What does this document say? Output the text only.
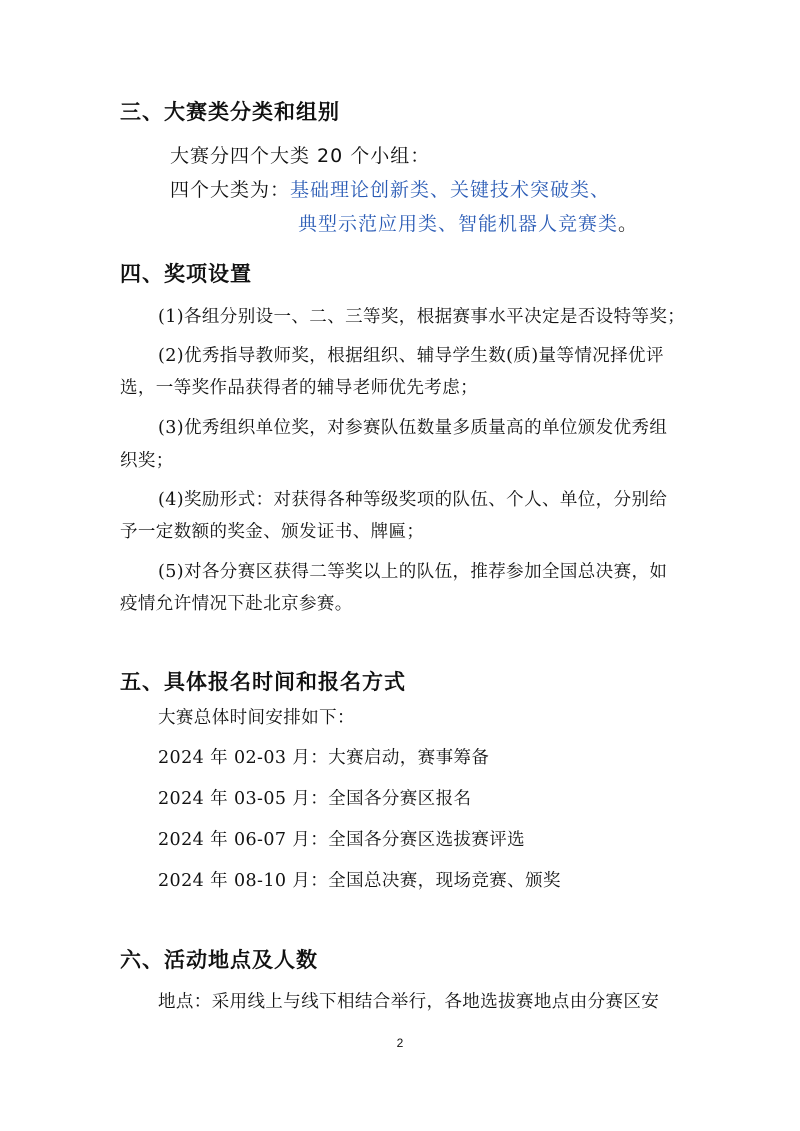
三、大赛类分类和组别
大赛分四个大类 20 个小组：
四个大类为：基础理论创新类、关键技术突破类、
典型示范应用类、智能机器人竞赛类。
四、奖项设置
(1)各组分别设一、二、三等奖，根据赛事水平决定是否设特等奖；
(2)优秀指导教师奖，根据组织、辅导学生数(质)量等情况择优评
选，一等奖作品获得者的辅导老师优先考虑；
(3)优秀组织单位奖，对参赛队伍数量多质量高的单位颁发优秀组
织奖；
(4)奖励形式：对获得各种等级奖项的队伍、个人、单位，分别给
予一定数额的奖金、颁发证书、牌匾；
(5)对各分赛区获得二等奖以上的队伍，推荐参加全国总决赛，如
疫情允许情况下赴北京参赛。
五、具体报名时间和报名方式
大赛总体时间安排如下：
2024 年 02-03 月：大赛启动，赛事筹备
2024 年 03-05 月：全国各分赛区报名
2024 年 06-07 月：全国各分赛区选拔赛评选
2024 年 08-10 月：全国总决赛，现场竞赛、颁奖
六、活动地点及人数
地点：采用线上与线下相结合举行，各地选拔赛地点由分赛区安
2
